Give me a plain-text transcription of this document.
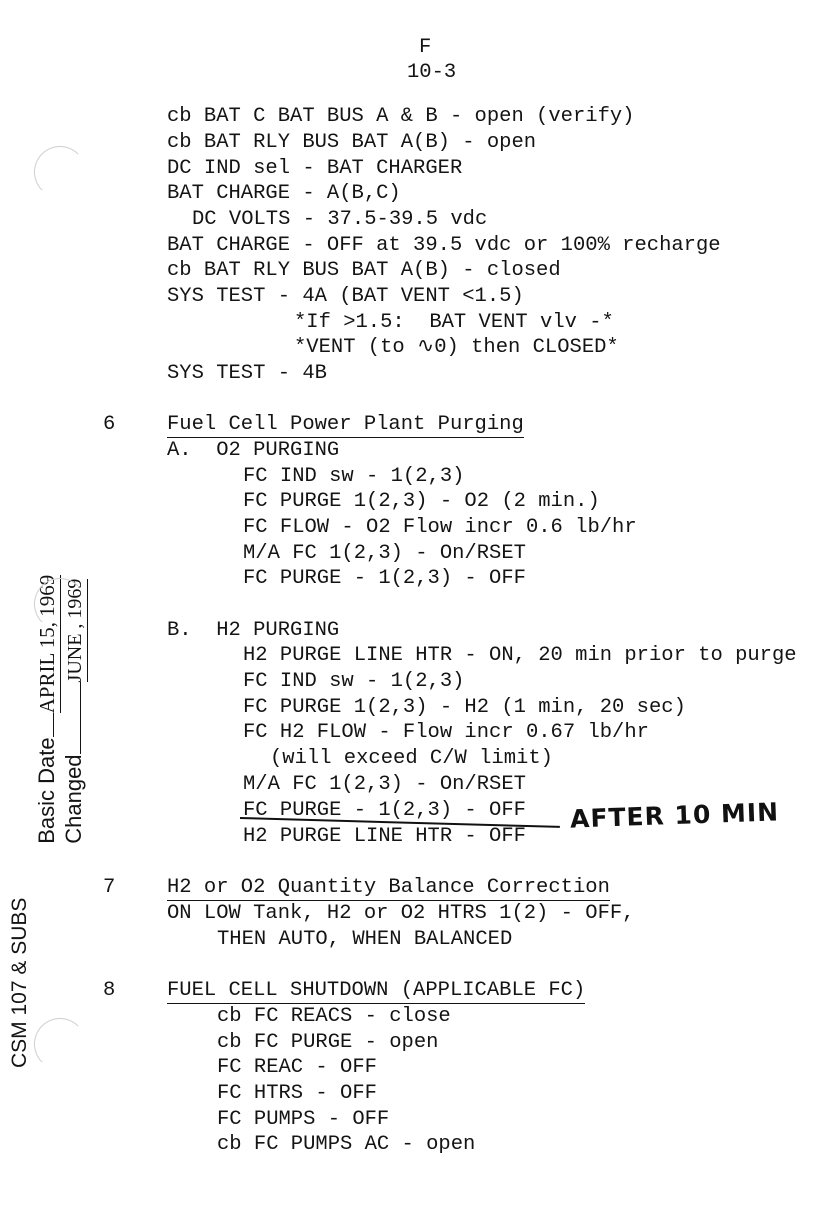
F
10-3
cb BAT C BAT BUS A & B - open (verify)
cb BAT RLY BUS BAT A(B) - open
DC IND sel - BAT CHARGER
BAT CHARGE - A(B,C)
DC VOLTS - 37.5-39.5 vdc
BAT CHARGE - OFF at 39.5 vdc or 100% recharge
cb BAT RLY BUS BAT A(B) - closed
SYS TEST - 4A (BAT VENT <1.5)
*If >1.5:  BAT VENT vlv -*
*VENT (to ∿0) then CLOSED*
SYS TEST - 4B
6	Fuel Cell Power Plant Purging
A.  O2 PURGING
FC IND sw - 1(2,3)
FC PURGE 1(2,3) - O2 (2 min.)
FC FLOW - O2 Flow incr 0.6 lb/hr
M/A FC 1(2,3) - On/RSET
FC PURGE - 1(2,3) - OFF
B.  H2 PURGING
H2 PURGE LINE HTR - ON, 20 min prior to purge
FC IND sw - 1(2,3)
FC PURGE 1(2,3) - H2 (1 min, 20 sec)
FC H2 FLOW - Flow incr 0.67 lb/hr
(will exceed C/W limit)
M/A FC 1(2,3) - On/RSET
FC PURGE - 1(2,3) - OFF
H2 PURGE LINE HTR - OFF
AFTER 10 MIN
7	H2 or O2 Quantity Balance Correction
ON LOW Tank, H2 or O2 HTRS 1(2) - OFF,
THEN AUTO, WHEN BALANCED
8	FUEL CELL SHUTDOWN (APPLICABLE FC)
cb FC REACS - close
cb FC PURGE - open
FC REAC - OFF
FC HTRS - OFF
FC PUMPS - OFF
cb FC PUMPS AC - open
CSM 107 & SUBS

Basic DateAPRIL 15, 1969

ChangedJUNE , 1969
